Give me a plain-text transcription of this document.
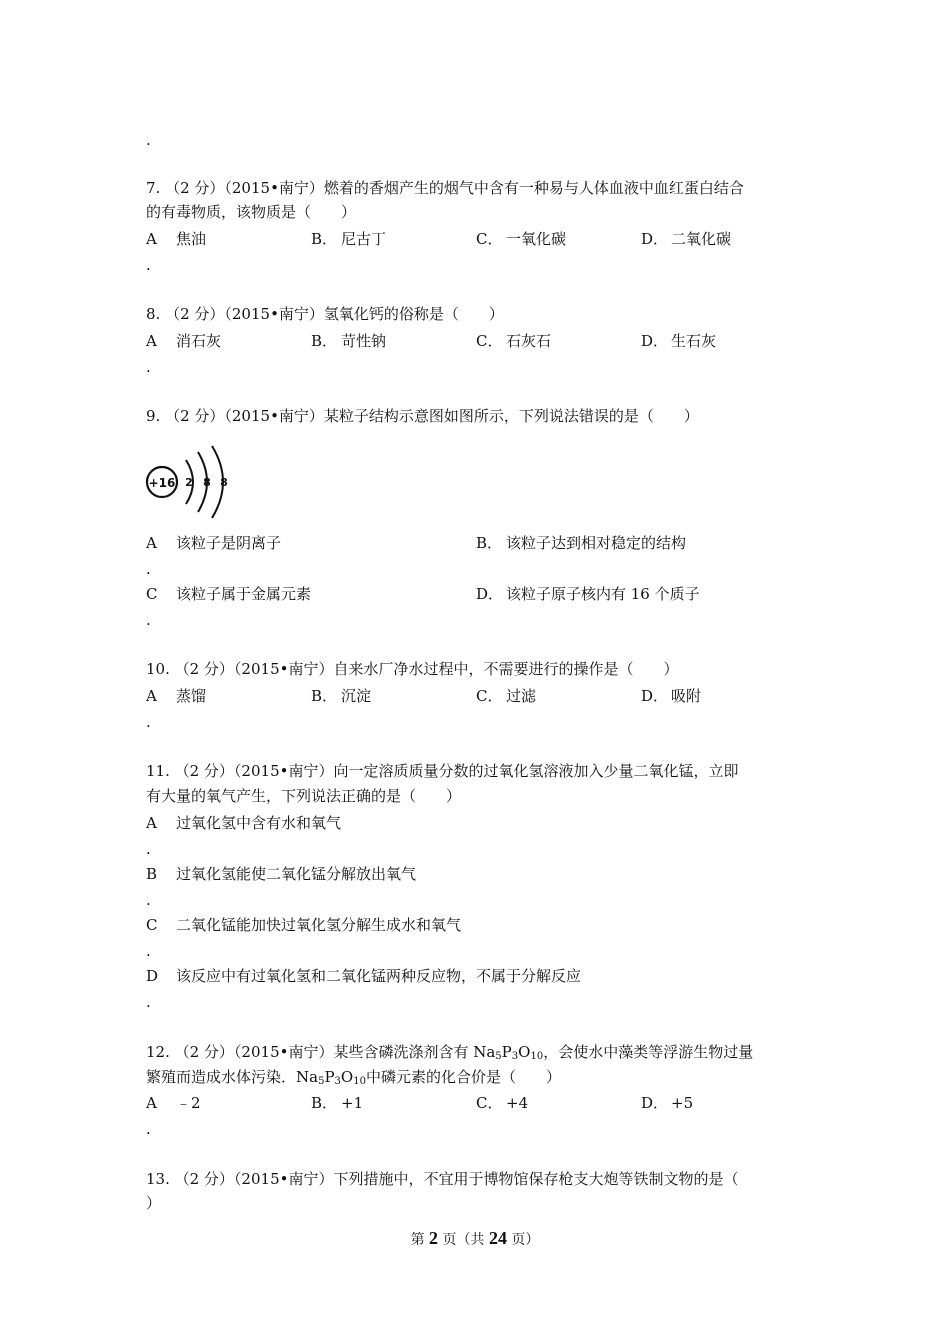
.
7. （2 分）（2015•南宁）燃着的香烟产生的烟气中含有一种易与人体血液中血红蛋白结合
的有毒物质，该物质是（　　）
A 焦油	B． 尼古丁	C． 一氧化碳	D． 二氧化碳
.
8. （2 分）（2015•南宁）氢氧化钙的俗称是（　　）
A 消石灰	B． 苛性钠	C． 石灰石	D． 生石灰
.
9. （2 分）（2015•南宁）某粒子结构示意图如图所示，下列说法错误的是（　　）
+16 2 8 8
A 该粒子是阴离子	B． 该粒子达到相对稳定的结构
.
C 该粒子属于金属元素	D． 该粒子原子核内有 16 个质子
.
10. （2 分）（2015•南宁）自来水厂净水过程中，不需要进行的操作是（　　）
A 蒸馏	B． 沉淀	C． 过滤	D． 吸附
.
11. （2 分）（2015•南宁）向一定溶质质量分数的过氧化氢溶液加入少量二氧化锰，立即
有大量的氧气产生，下列说法正确的是（　　）
A 过氧化氢中含有水和氧气
.
B 过氧化氢能使二氧化锰分解放出氧气
.
C 二氧化锰能加快过氧化氢分解生成水和氧气
.
D 该反应中有过氧化氢和二氧化锰两种反应物，不属于分解反应
.
12. （2 分）（2015•南宁）某些含磷洗涤剂含有 $Na_5P_3O_{10}$，会使水中藻类等浮游生物过量
繁殖而造成水体污染．$Na_5P_3O_{10}$中磷元素的化合价是（　　）
A ﹣2	B． +1	C． +4	D． +5
.
13. （2 分）（2015•南宁）下列措施中，不宜用于博物馆保存枪支大炮等铁制文物的是（
）
第 2 页（共 24 页）
